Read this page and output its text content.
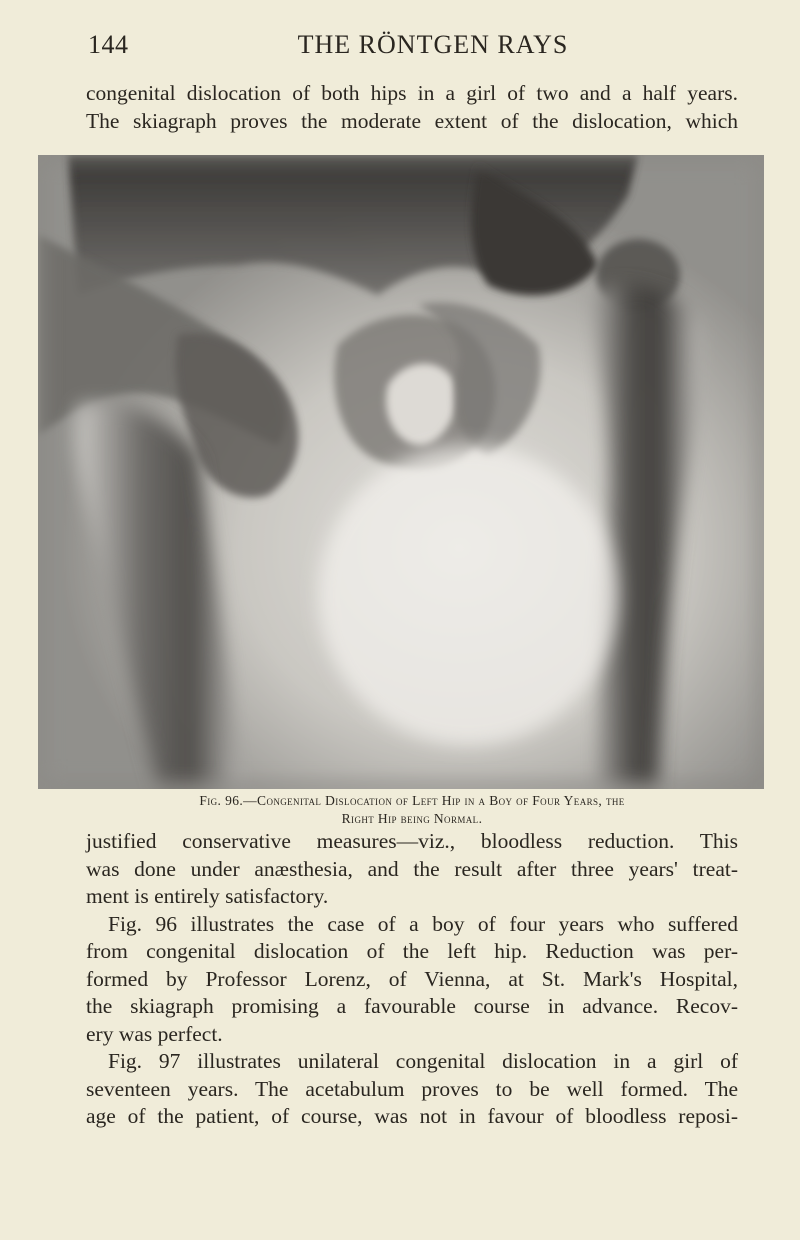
144	THE RÖNTGEN RAYS
congenital dislocation of both hips in a girl of two and a half years.
The skiagraph proves the moderate extent of the dislocation, which
Fig. 96.—Congenital Dislocation of Left Hip in a Boy of Four Years, the
Right Hip being Normal.
justified conservative measures—viz., bloodless reduction. This
was done under anæsthesia, and the result after three years' treat-
ment is entirely satisfactory.
Fig. 96 illustrates the case of a boy of four years who suffered
from congenital dislocation of the left hip. Reduction was per-
formed by Professor Lorenz, of Vienna, at St. Mark's Hospital,
the skiagraph promising a favourable course in advance. Recov-
ery was perfect.
Fig. 97 illustrates unilateral congenital dislocation in a girl of
seventeen years. The acetabulum proves to be well formed. The
age of the patient, of course, was not in favour of bloodless reposi-
